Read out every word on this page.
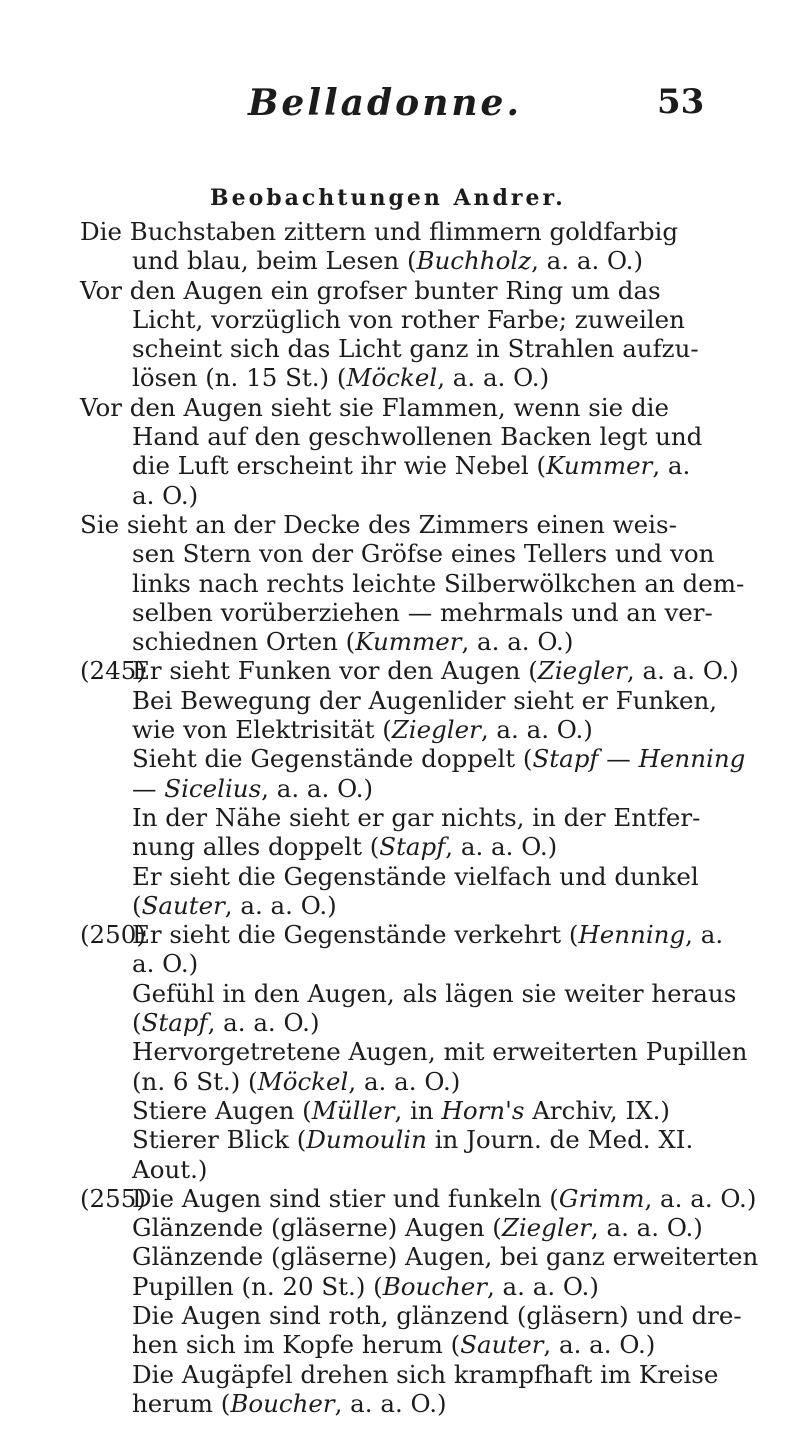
Belladonne.	53
Beobachtungen Andrer.
Die Buchstaben zittern und flimmern goldfarbig
und blau, beim Lesen (Buchholz, a. a. O.)
Vor den Augen ein grofser bunter Ring um das
Licht, vorzüglich von rother Farbe; zuweilen
scheint sich das Licht ganz in Strahlen aufzu-
lösen (n. 15 St.) (Möckel, a. a. O.)
Vor den Augen sieht sie Flammen, wenn sie die
Hand auf den geschwollenen Backen legt und
die Luft erscheint ihr wie Nebel (Kummer, a.
a. O.)
Sie sieht an der Decke des Zimmers einen weis-
sen Stern von der Gröfse eines Tellers und von
links nach rechts leichte Silberwölkchen an dem-
selben vorüberziehen — mehrmals und an ver-
schiednen Orten (Kummer, a. a. O.)
(245)Er sieht Funken vor den Augen (Ziegler, a. a. O.)
Bei Bewegung der Augenlider sieht er Funken,
wie von Elektrisität (Ziegler, a. a. O.)
Sieht die Gegenstände doppelt (Stapf — Henning
— Sicelius, a. a. O.)
In der Nähe sieht er gar nichts, in der Entfer-
nung alles doppelt (Stapf, a. a. O.)
Er sieht die Gegenstände vielfach und dunkel
(Sauter, a. a. O.)
(250)Er sieht die Gegenstände verkehrt (Henning, a.
a. O.)
Gefühl in den Augen, als lägen sie weiter heraus
(Stapf, a. a. O.)
Hervorgetretene Augen, mit erweiterten Pupillen
(n. 6 St.) (Möckel, a. a. O.)
Stiere Augen (Müller, in Horn's Archiv, IX.)
Stierer Blick (Dumoulin in Journ. de Med. XI.
Aout.)
(255)Die Augen sind stier und funkeln (Grimm, a. a. O.)
Glänzende (gläserne) Augen (Ziegler, a. a. O.)
Glänzende (gläserne) Augen, bei ganz erweiterten
Pupillen (n. 20 St.) (Boucher, a. a. O.)
Die Augen sind roth, glänzend (gläsern) und dre-
hen sich im Kopfe herum (Sauter, a. a. O.)
Die Augäpfel drehen sich krampfhaft im Kreise
herum (Boucher, a. a. O.)
